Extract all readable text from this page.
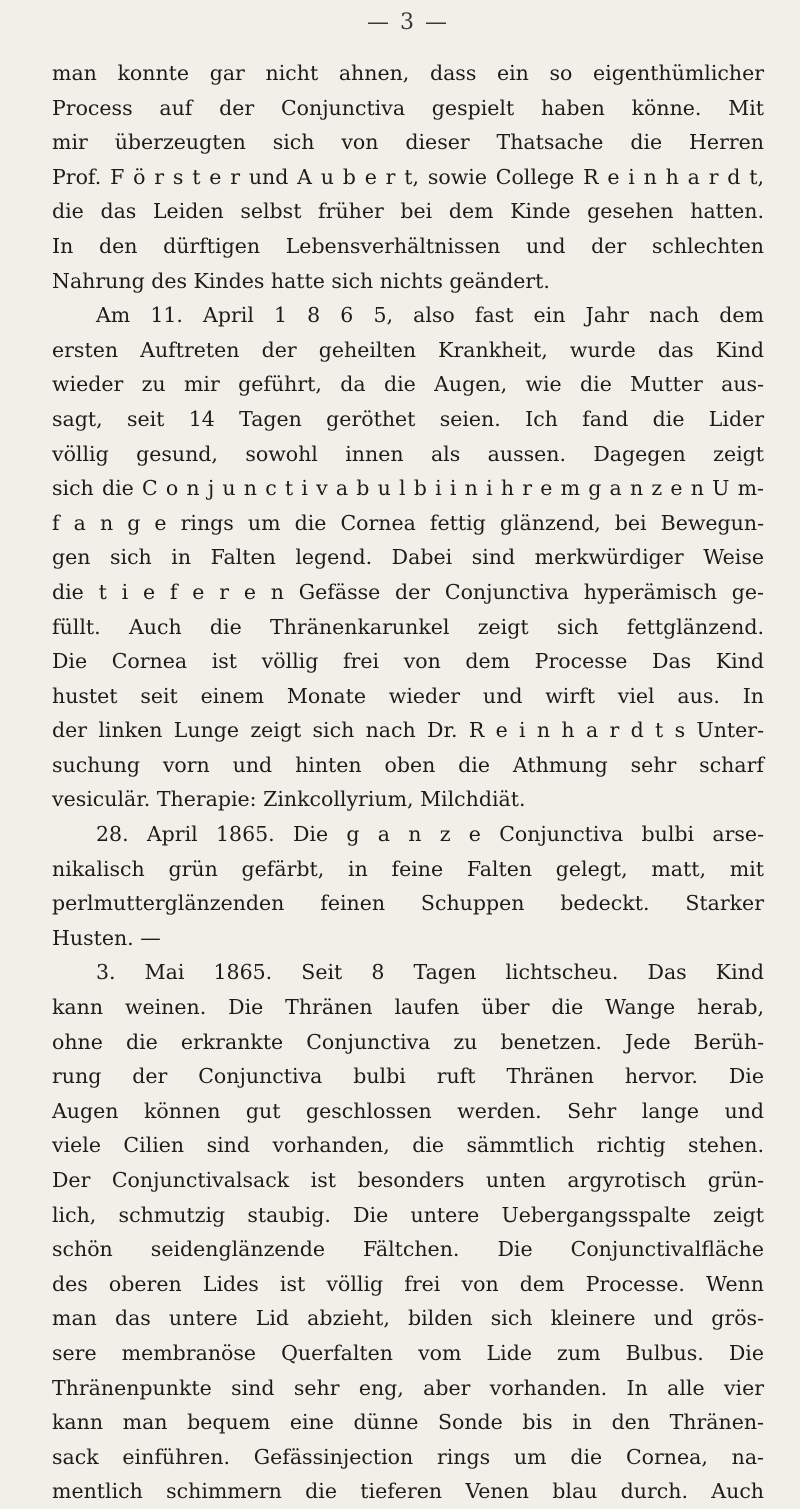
— 3 —
man konnte gar nicht ahnen, dass ein so eigenthümlicher
Process auf der Conjunctiva gespielt haben könne. Mit
mir überzeugten sich von dieser Thatsache die Herren
Prof. F ö r s t e r und A u b e r t, sowie College R e i n h a r d t,
die das Leiden selbst früher bei dem Kinde gesehen hatten.
In den dürftigen Lebensverhältnissen und der schlechten
Nahrung des Kindes hatte sich nichts geändert.
Am 11. April 1 8 6 5, also fast ein Jahr nach dem
ersten Auftreten der geheilten Krankheit, wurde das Kind
wieder zu mir geführt, da die Augen, wie die Mutter aus-
sagt, seit 14 Tagen geröthet seien. Ich fand die Lider
völlig gesund, sowohl innen als aussen. Dagegen zeigt
sich die C o n j u n c t i v a b u l b i i n i h r e m g a n z e n U m-
f a n g e rings um die Cornea fettig glänzend, bei Bewegun-
gen sich in Falten legend. Dabei sind merkwürdiger Weise
die t i e f e r e n Gefässe der Conjunctiva hyperämisch ge-
füllt. Auch die Thränenkarunkel zeigt sich fettglänzend.
Die Cornea ist völlig frei von dem Processe Das Kind
hustet seit einem Monate wieder und wirft viel aus. In
der linken Lunge zeigt sich nach Dr. R e i n h a r d t s Unter-
suchung vorn und hinten oben die Athmung sehr scharf
vesiculär. Therapie: Zinkcollyrium, Milchdiät.
28. April 1865. Die g a n z e Conjunctiva bulbi arse-
nikalisch grün gefärbt, in feine Falten gelegt, matt, mit
perlmutterglänzenden feinen Schuppen bedeckt. Starker
Husten. —
3. Mai 1865. Seit 8 Tagen lichtscheu. Das Kind
kann weinen. Die Thränen laufen über die Wange herab,
ohne die erkrankte Conjunctiva zu benetzen. Jede Berüh-
rung der Conjunctiva bulbi ruft Thränen hervor. Die
Augen können gut geschlossen werden. Sehr lange und
viele Cilien sind vorhanden, die sämmtlich richtig stehen.
Der Conjunctivalsack ist besonders unten argyrotisch grün-
lich, schmutzig staubig. Die untere Uebergangsspalte zeigt
schön seidenglänzende Fältchen. Die Conjunctivalfläche
des oberen Lides ist völlig frei von dem Processe. Wenn
man das untere Lid abzieht, bilden sich kleinere und grös-
sere membranöse Querfalten vom Lide zum Bulbus. Die
Thränenpunkte sind sehr eng, aber vorhanden. In alle vier
kann man bequem eine dünne Sonde bis in den Thränen-
sack einführen. Gefässinjection rings um die Cornea, na-
mentlich schimmern die tieferen Venen blau durch. Auch
